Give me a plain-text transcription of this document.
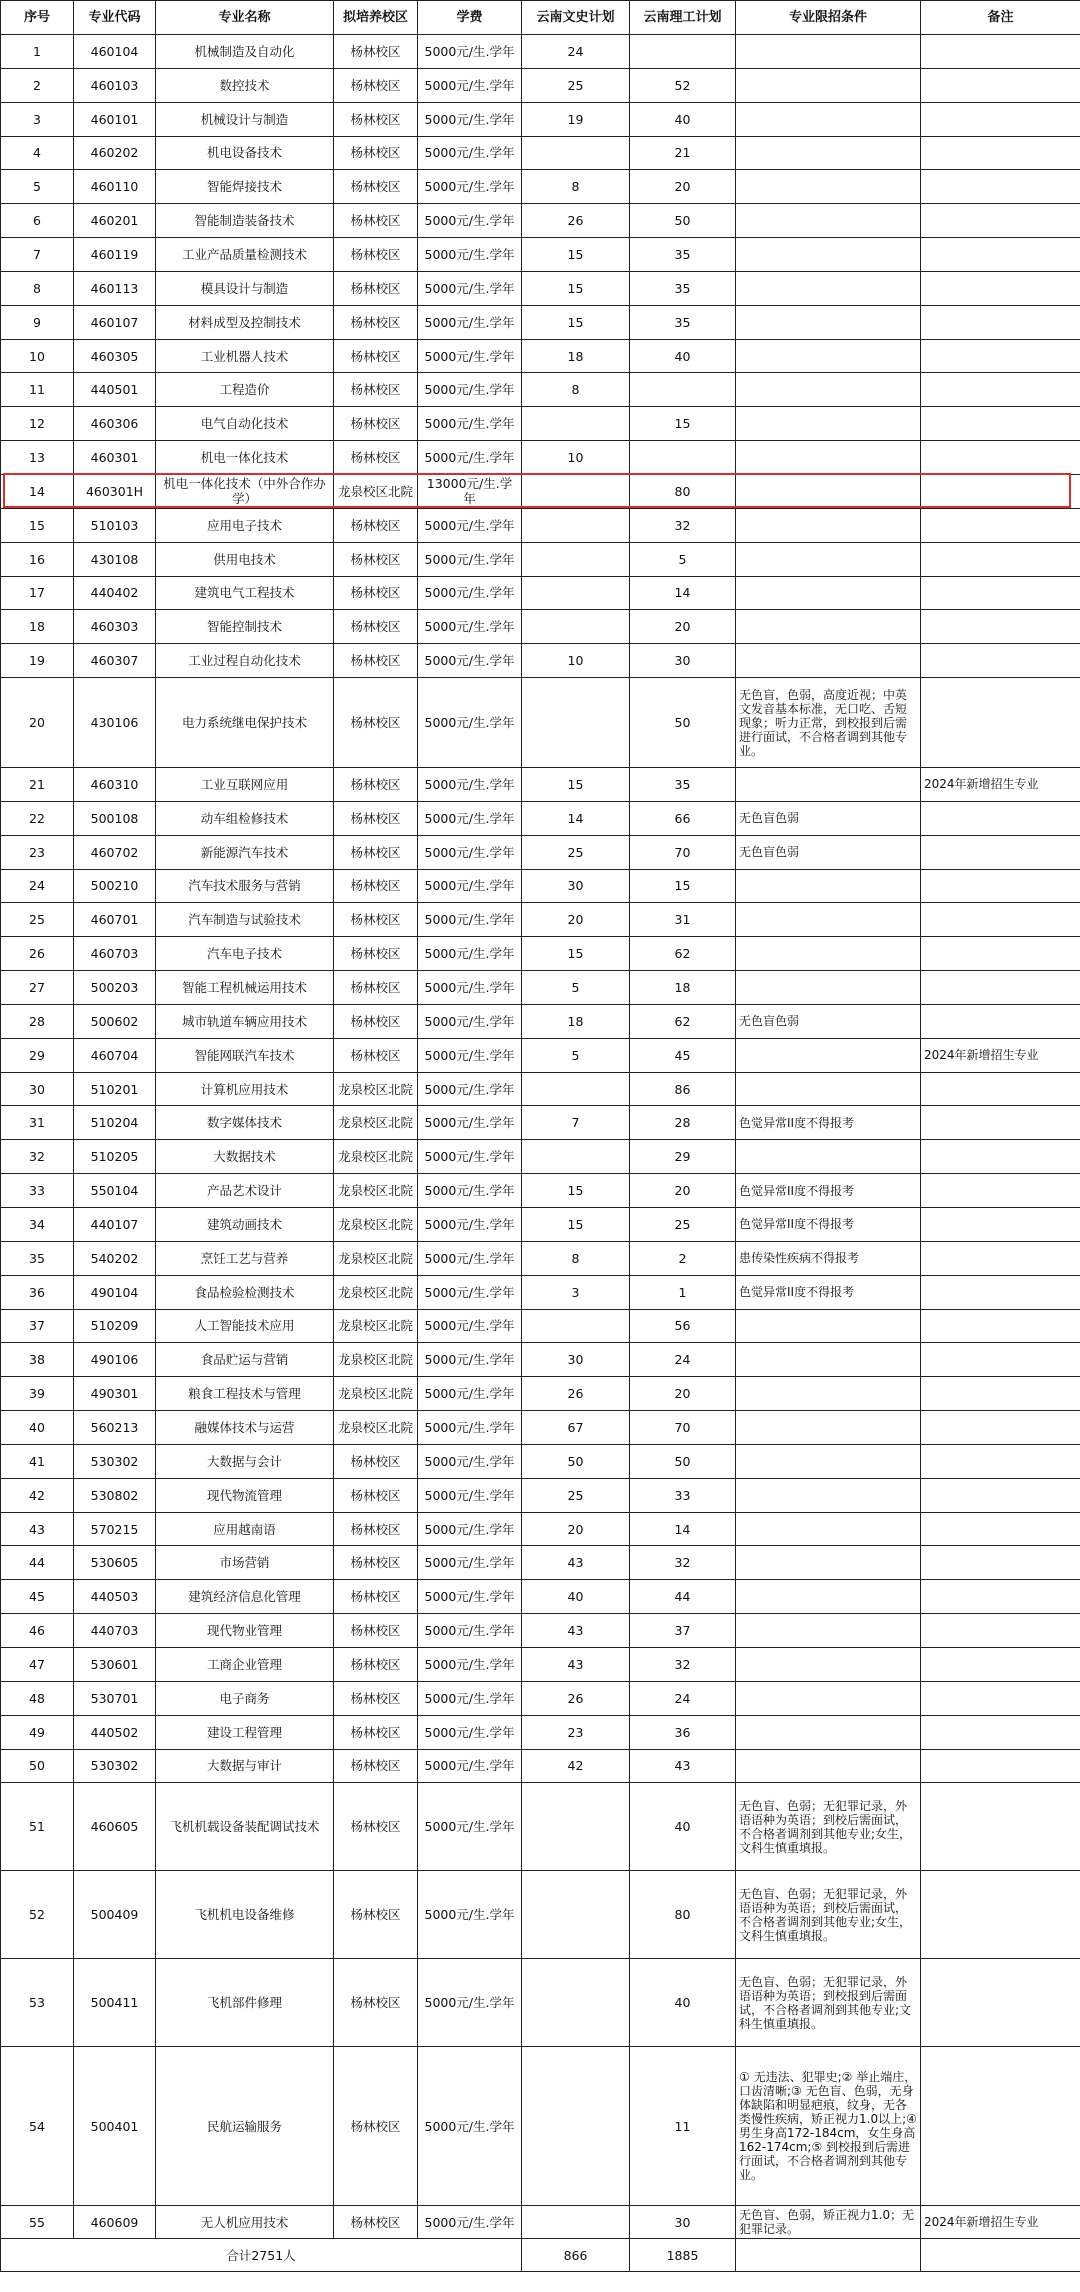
序号	专业代码	专业名称	拟培养校区	学费	云南文史计划	云南理工计划	专业限招条件	备注
1	460104	机械制造及自动化	杨林校区	5000元/生.学年	24			
2	460103	数控技术	杨林校区	5000元/生.学年	25	52		
3	460101	机械设计与制造	杨林校区	5000元/生.学年	19	40		
4	460202	机电设备技术	杨林校区	5000元/生.学年		21		
5	460110	智能焊接技术	杨林校区	5000元/生.学年	8	20		
6	460201	智能制造装备技术	杨林校区	5000元/生.学年	26	50		
7	460119	工业产品质量检测技术	杨林校区	5000元/生.学年	15	35		
8	460113	模具设计与制造	杨林校区	5000元/生.学年	15	35		
9	460107	材料成型及控制技术	杨林校区	5000元/生.学年	15	35		
10	460305	工业机器人技术	杨林校区	5000元/生.学年	18	40		
11	440501	工程造价	杨林校区	5000元/生.学年	8			
12	460306	电气自动化技术	杨林校区	5000元/生.学年		15		
13	460301	机电一体化技术	杨林校区	5000元/生.学年	10			
14	460301H	机电一体化技术（中外合作办学）	龙泉校区北院	13000元/生.学年		80		
15	510103	应用电子技术	杨林校区	5000元/生.学年		32		
16	430108	供用电技术	杨林校区	5000元/生.学年		5		
17	440402	建筑电气工程技术	杨林校区	5000元/生.学年		14		
18	460303	智能控制技术	杨林校区	5000元/生.学年		20		
19	460307	工业过程自动化技术	杨林校区	5000元/生.学年	10	30		
20	430106	电力系统继电保护技术	杨林校区	5000元/生.学年		50	无色盲，色弱，高度近视；中英文发音基本标准，无口吃、舌短现象；听力正常，到校报到后需进行面试，不合格者调到其他专业。	
21	460310	工业互联网应用	杨林校区	5000元/生.学年	15	35		2024年新增招生专业
22	500108	动车组检修技术	杨林校区	5000元/生.学年	14	66	无色盲色弱	
23	460702	新能源汽车技术	杨林校区	5000元/生.学年	25	70	无色盲色弱	
24	500210	汽车技术服务与营销	杨林校区	5000元/生.学年	30	15		
25	460701	汽车制造与试验技术	杨林校区	5000元/生.学年	20	31		
26	460703	汽车电子技术	杨林校区	5000元/生.学年	15	62		
27	500203	智能工程机械运用技术	杨林校区	5000元/生.学年	5	18		
28	500602	城市轨道车辆应用技术	杨林校区	5000元/生.学年	18	62	无色盲色弱	
29	460704	智能网联汽车技术	杨林校区	5000元/生.学年	5	45		2024年新增招生专业
30	510201	计算机应用技术	龙泉校区北院	5000元/生.学年		86		
31	510204	数字媒体技术	龙泉校区北院	5000元/生.学年	7	28	色觉异常II度不得报考	
32	510205	大数据技术	龙泉校区北院	5000元/生.学年		29		
33	550104	产品艺术设计	龙泉校区北院	5000元/生.学年	15	20	色觉异常II度不得报考	
34	440107	建筑动画技术	龙泉校区北院	5000元/生.学年	15	25	色觉异常II度不得报考	
35	540202	烹饪工艺与营养	龙泉校区北院	5000元/生.学年	8	2	患传染性疾病不得报考	
36	490104	食品检验检测技术	龙泉校区北院	5000元/生.学年	3	1	色觉异常II度不得报考	
37	510209	人工智能技术应用	龙泉校区北院	5000元/生.学年		56		
38	490106	食品贮运与营销	龙泉校区北院	5000元/生.学年	30	24		
39	490301	粮食工程技术与管理	龙泉校区北院	5000元/生.学年	26	20		
40	560213	融媒体技术与运营	龙泉校区北院	5000元/生.学年	67	70		
41	530302	大数据与会计	杨林校区	5000元/生.学年	50	50		
42	530802	现代物流管理	杨林校区	5000元/生.学年	25	33		
43	570215	应用越南语	杨林校区	5000元/生.学年	20	14		
44	530605	市场营销	杨林校区	5000元/生.学年	43	32		
45	440503	建筑经济信息化管理	杨林校区	5000元/生.学年	40	44		
46	440703	现代物业管理	杨林校区	5000元/生.学年	43	37		
47	530601	工商企业管理	杨林校区	5000元/生.学年	43	32		
48	530701	电子商务	杨林校区	5000元/生.学年	26	24		
49	440502	建设工程管理	杨林校区	5000元/生.学年	23	36		
50	530302	大数据与审计	杨林校区	5000元/生.学年	42	43		
51	460605	飞机机载设备装配调试技术	杨林校区	5000元/生.学年		40	无色盲、色弱；无犯罪记录，外语语种为英语；到校后需面试，不合格者调剂到其他专业;女生，文科生慎重填报。	
52	500409	飞机机电设备维修	杨林校区	5000元/生.学年		80	无色盲、色弱；无犯罪记录，外语语种为英语；到校后需面试，不合格者调剂到其他专业;女生，文科生慎重填报。	
53	500411	飞机部件修理	杨林校区	5000元/生.学年		40	无色盲、色弱；无犯罪记录，外语语种为英语；到校报到后需面试，不合格者调剂到其他专业;文科生慎重填报。	
54	500401	民航运输服务	杨林校区	5000元/生.学年		11	① 无违法、犯罪史;② 举止端庄，口齿清晰;③ 无色盲、色弱，无身体缺陷和明显疤痕，纹身，无各类慢性疾病，矫正视力1.0以上;④ 男生身高172-184cm，女生身高162-174cm;⑤ 到校报到后需进行面试，不合格者调剂到其他专业。	
55	460609	无人机应用技术	杨林校区	5000元/生.学年		30	无色盲、色弱，矫正视力1.0；无犯罪记录。	2024年新增招生专业
合计2751人					866	1885		
